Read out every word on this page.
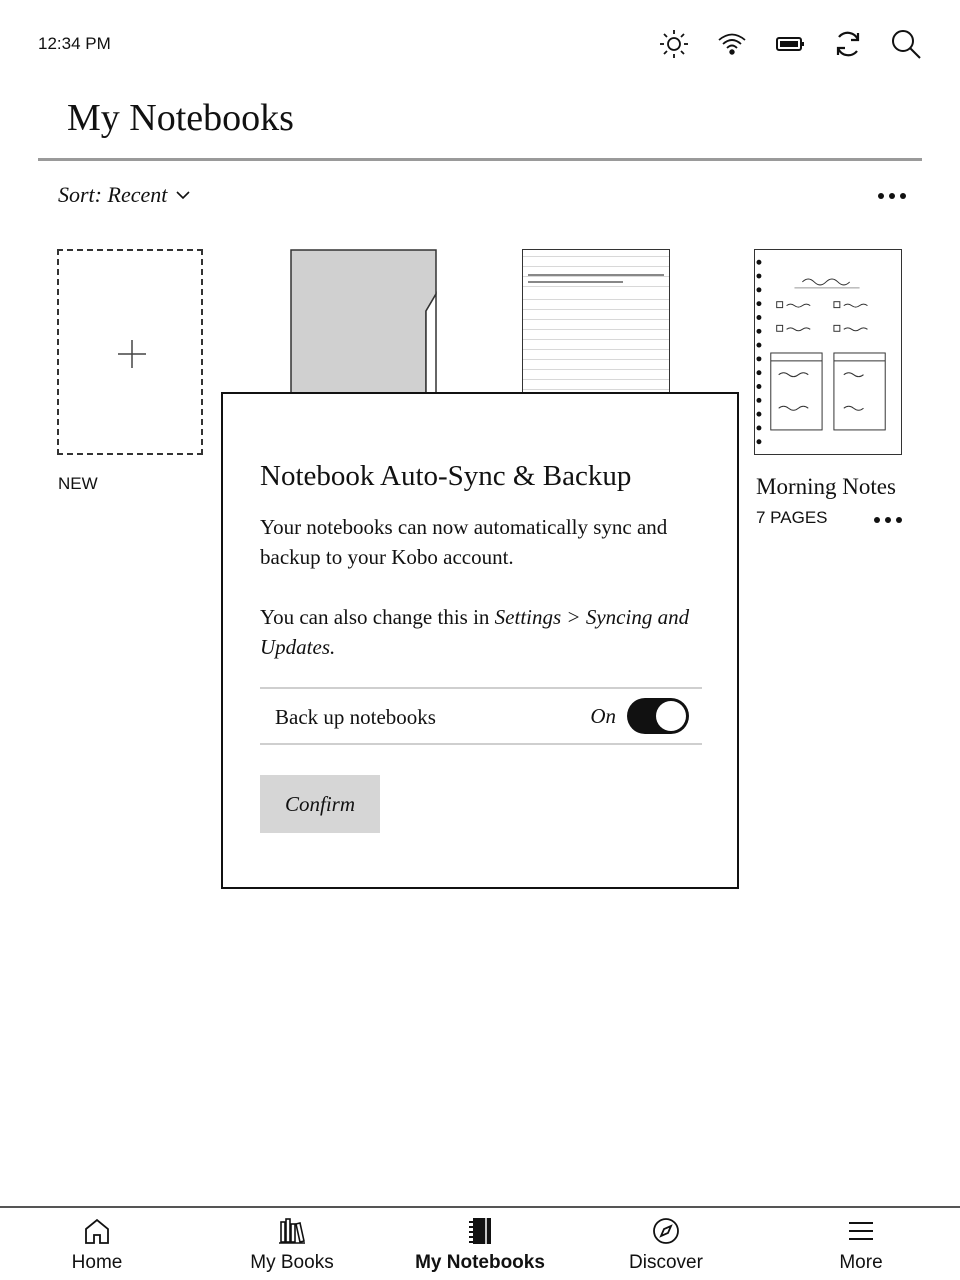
12:34 PM
My Notebooks
Sort: Recent
NEW	Morning Notes
7 PAGES
Notebook Auto-Sync & Backup
Your notebooks can now automatically sync and backup to your Kobo account.
You can also change this in Settings > Syncing and Updates.
Back up notebooks	On
Confirm
Home	My Books	My Notebooks	Discover	More
